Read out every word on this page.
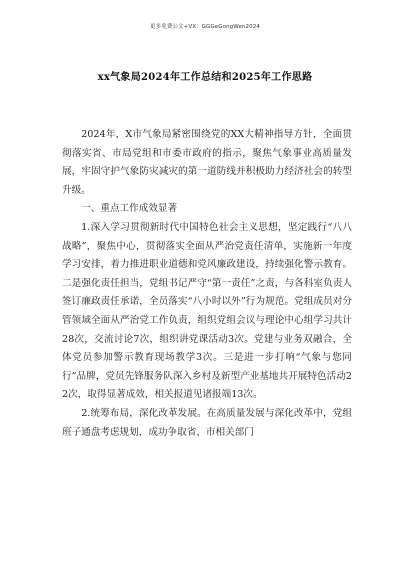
更多免费公文+VX：GGGeGongWen2024
xx气象局2024年工作总结和2025年工作思路

2024年，X市气象局紧密围绕党的XX大精神指导方针，全面贯彻落实省、市局党组和市委市政府的指示，聚焦气象事业高质量发展，牢固守护气象防灾减灾的第一道防线并积极助力经济社会的转型升级。

一、重点工作成效显著

1.深入学习贯彻新时代中国特色社会主义思想，坚定践行“八八战略”，聚焦中心，贯彻落实全面从严治党责任清单，实施新一年度学习安排，着力推进职业道德和党风廉政建设，持续强化警示教育。二是强化责任担当，党组书记严守“第一责任”之责，与各科室负责人签订廉政责任承诺，全员落实“八小时以外”行为规范。党组成员对分管领域全面从严治党工作负责，组织党组会议与理论中心组学习共计28次，交流讨论7次，组织讲党课活动3次。党建与业务双融合，全体党员参加警示教育现场教学3次。三是进一步打响“气象与您同行”品牌，党员先锋服务队深入乡村及新型产业基地共开展特色活动22次，取得显著成效，相关报道见诸报端13次。

2.统筹布局，深化改革发展。在高质量发展与深化改革中，党组班子通盘考虑规划，成功争取省、市相关部门
